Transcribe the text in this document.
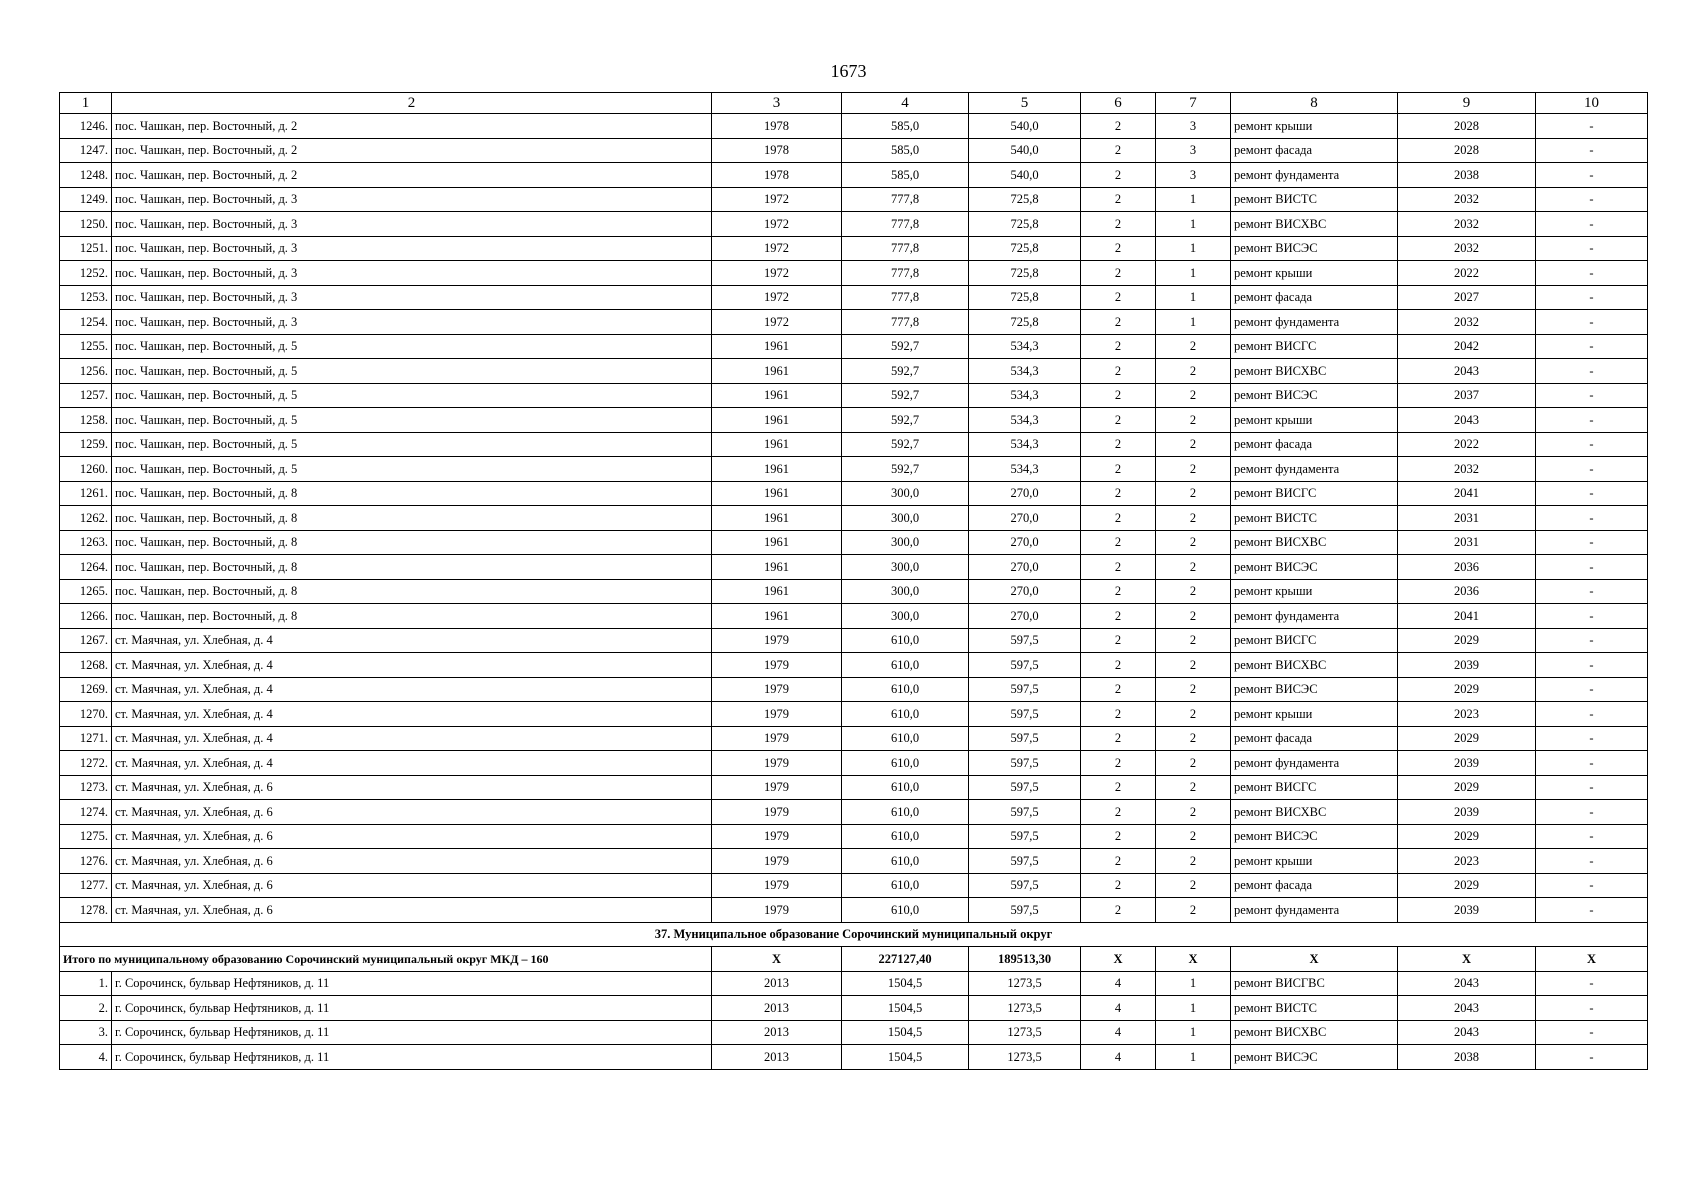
1673
1	2	3	4	5	6	7	8	9	10
1246.	пос. Чашкан, пер. Восточный, д. 2	1978	585,0	540,0	2	3	ремонт крыши	2028	-
1247.	пос. Чашкан, пер. Восточный, д. 2	1978	585,0	540,0	2	3	ремонт фасада	2028	-
1248.	пос. Чашкан, пер. Восточный, д. 2	1978	585,0	540,0	2	3	ремонт фундамента	2038	-
1249.	пос. Чашкан, пер. Восточный, д. 3	1972	777,8	725,8	2	1	ремонт ВИСТС	2032	-
1250.	пос. Чашкан, пер. Восточный, д. 3	1972	777,8	725,8	2	1	ремонт ВИСХВС	2032	-
1251.	пос. Чашкан, пер. Восточный, д. 3	1972	777,8	725,8	2	1	ремонт ВИСЭС	2032	-
1252.	пос. Чашкан, пер. Восточный, д. 3	1972	777,8	725,8	2	1	ремонт крыши	2022	-
1253.	пос. Чашкан, пер. Восточный, д. 3	1972	777,8	725,8	2	1	ремонт фасада	2027	-
1254.	пос. Чашкан, пер. Восточный, д. 3	1972	777,8	725,8	2	1	ремонт фундамента	2032	-
1255.	пос. Чашкан, пер. Восточный, д. 5	1961	592,7	534,3	2	2	ремонт ВИСГС	2042	-
1256.	пос. Чашкан, пер. Восточный, д. 5	1961	592,7	534,3	2	2	ремонт ВИСХВС	2043	-
1257.	пос. Чашкан, пер. Восточный, д. 5	1961	592,7	534,3	2	2	ремонт ВИСЭС	2037	-
1258.	пос. Чашкан, пер. Восточный, д. 5	1961	592,7	534,3	2	2	ремонт крыши	2043	-
1259.	пос. Чашкан, пер. Восточный, д. 5	1961	592,7	534,3	2	2	ремонт фасада	2022	-
1260.	пос. Чашкан, пер. Восточный, д. 5	1961	592,7	534,3	2	2	ремонт фундамента	2032	-
1261.	пос. Чашкан, пер. Восточный, д. 8	1961	300,0	270,0	2	2	ремонт ВИСГС	2041	-
1262.	пос. Чашкан, пер. Восточный, д. 8	1961	300,0	270,0	2	2	ремонт ВИСТС	2031	-
1263.	пос. Чашкан, пер. Восточный, д. 8	1961	300,0	270,0	2	2	ремонт ВИСХВС	2031	-
1264.	пос. Чашкан, пер. Восточный, д. 8	1961	300,0	270,0	2	2	ремонт ВИСЭС	2036	-
1265.	пос. Чашкан, пер. Восточный, д. 8	1961	300,0	270,0	2	2	ремонт крыши	2036	-
1266.	пос. Чашкан, пер. Восточный, д. 8	1961	300,0	270,0	2	2	ремонт фундамента	2041	-
1267.	ст. Маячная, ул. Хлебная, д. 4	1979	610,0	597,5	2	2	ремонт ВИСГС	2029	-
1268.	ст. Маячная, ул. Хлебная, д. 4	1979	610,0	597,5	2	2	ремонт ВИСХВС	2039	-
1269.	ст. Маячная, ул. Хлебная, д. 4	1979	610,0	597,5	2	2	ремонт ВИСЭС	2029	-
1270.	ст. Маячная, ул. Хлебная, д. 4	1979	610,0	597,5	2	2	ремонт крыши	2023	-
1271.	ст. Маячная, ул. Хлебная, д. 4	1979	610,0	597,5	2	2	ремонт фасада	2029	-
1272.	ст. Маячная, ул. Хлебная, д. 4	1979	610,0	597,5	2	2	ремонт фундамента	2039	-
1273.	ст. Маячная, ул. Хлебная, д. 6	1979	610,0	597,5	2	2	ремонт ВИСГС	2029	-
1274.	ст. Маячная, ул. Хлебная, д. 6	1979	610,0	597,5	2	2	ремонт ВИСХВС	2039	-
1275.	ст. Маячная, ул. Хлебная, д. 6	1979	610,0	597,5	2	2	ремонт ВИСЭС	2029	-
1276.	ст. Маячная, ул. Хлебная, д. 6	1979	610,0	597,5	2	2	ремонт крыши	2023	-
1277.	ст. Маячная, ул. Хлебная, д. 6	1979	610,0	597,5	2	2	ремонт фасада	2029	-
1278.	ст. Маячная, ул. Хлебная, д. 6	1979	610,0	597,5	2	2	ремонт фундамента	2039	-
37. Муниципальное образование Сорочинский муниципальный округ									
Итого по муниципальному образованию Сорочинский муниципальный округ МКД – 160		Х	227127,40	189513,30	Х	Х	Х	Х	Х
1.	г. Сорочинск, бульвар Нефтяников, д. 11	2013	1504,5	1273,5	4	1	ремонт ВИСГВС	2043	-
2.	г. Сорочинск, бульвар Нефтяников, д. 11	2013	1504,5	1273,5	4	1	ремонт ВИСТС	2043	-
3.	г. Сорочинск, бульвар Нефтяников, д. 11	2013	1504,5	1273,5	4	1	ремонт ВИСХВС	2043	-
4.	г. Сорочинск, бульвар Нефтяников, д. 11	2013	1504,5	1273,5	4	1	ремонт ВИСЭС	2038	-
